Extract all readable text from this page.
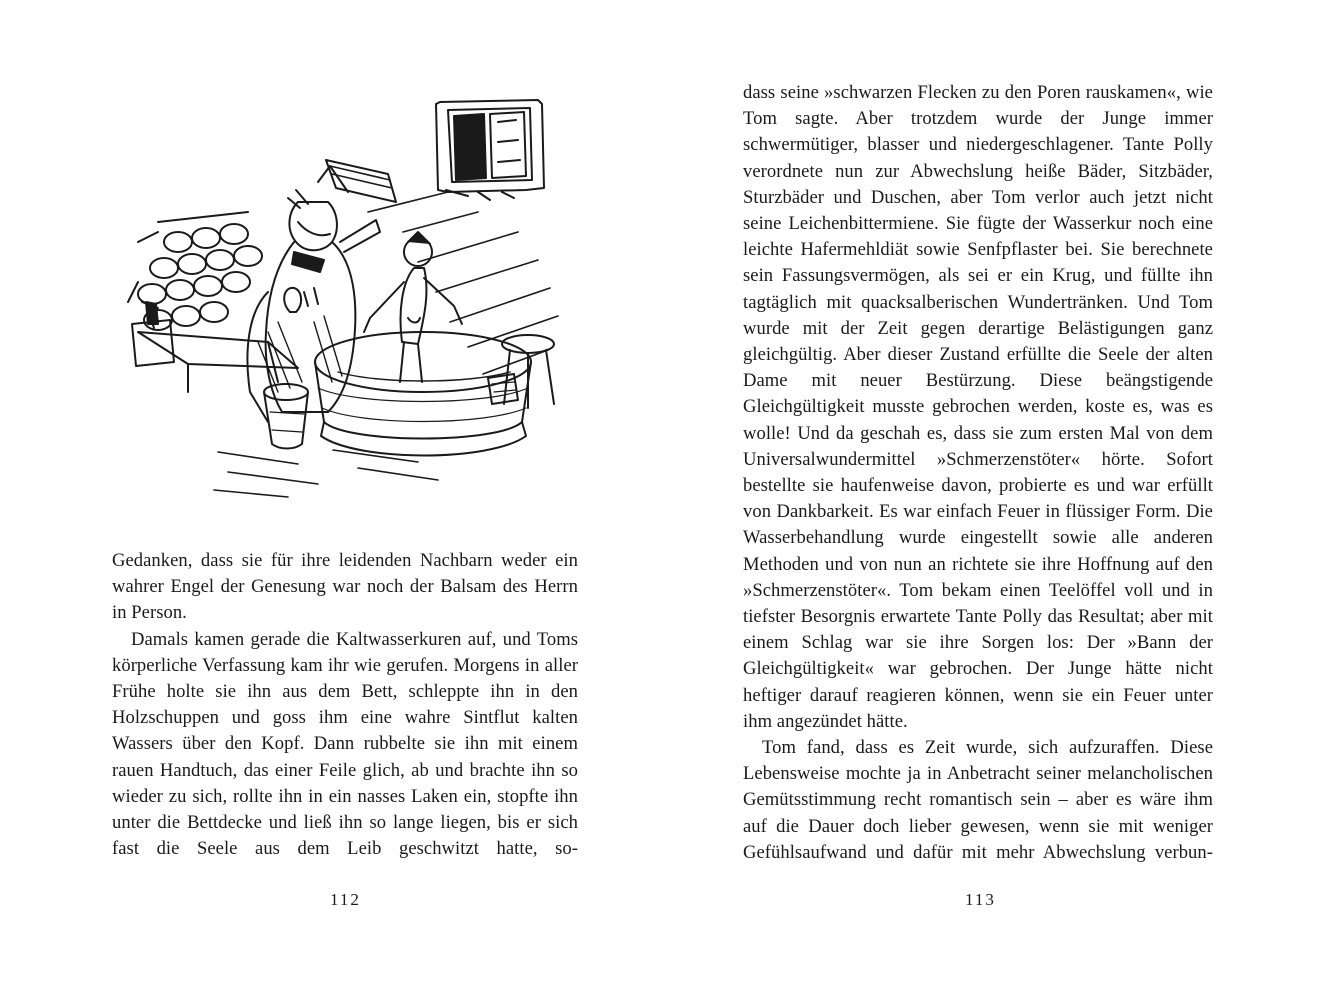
Gedanken, dass sie für ihre leidenden Nachbarn weder ein wahrer Engel der Genesung war noch der Balsam des Herrn in Person.

Damals kamen gerade die Kaltwasserkuren auf, und Toms körperliche Verfassung kam ihr wie gerufen. Morgens in aller Frühe holte sie ihn aus dem Bett, schleppte ihn in den Holzschuppen und goss ihm eine wahre Sintflut kalten Wassers über den Kopf. Dann rubbelte sie ihn mit einem rauen Handtuch, das einer Feile glich, ab und brachte ihn so wieder zu sich, rollte ihn in ein nasses Laken ein, stopfte ihn unter die Bettdecke und ließ ihn so lange liegen, bis er sich fast die Seele aus dem Leib geschwitzt hatte, so-

112

dass seine »schwarzen Flecken zu den Poren rauskamen«, wie Tom sagte. Aber trotzdem wurde der Junge immer schwermütiger, blasser und niedergeschlagener. Tante Polly verordnete nun zur Abwechslung heiße Bäder, Sitzbäder, Sturzbäder und Duschen, aber Tom verlor auch jetzt nicht seine Leichenbittermiene. Sie fügte der Wasserkur noch eine leichte Hafermehldiät sowie Senfpflaster bei. Sie berechnete sein Fassungsvermögen, als sei er ein Krug, und füllte ihn tagtäglich mit quacksalberischen Wundertränken. Und Tom wurde mit der Zeit gegen derartige Belästigungen ganz gleichgültig. Aber dieser Zustand erfüllte die Seele der alten Dame mit neuer Bestürzung. Diese beängstigende Gleichgültigkeit musste gebrochen werden, koste es, was es wolle! Und da geschah es, dass sie zum ersten Mal von dem Universalwundermittel »Schmerzenstöter« hörte. Sofort bestellte sie haufenweise davon, probierte es und war erfüllt von Dankbarkeit. Es war einfach Feuer in flüssiger Form. Die Wasserbehandlung wurde eingestellt sowie alle anderen Methoden und von nun an richtete sie ihre Hoffnung auf den »Schmerzenstöter«. Tom bekam einen Teelöffel voll und in tiefster Besorgnis erwartete Tante Polly das Resultat; aber mit einem Schlag war sie ihre Sorgen los: Der »Bann der Gleichgültigkeit« war gebrochen. Der Junge hätte nicht heftiger darauf reagieren können, wenn sie ein Feuer unter ihm angezündet hätte.

Tom fand, dass es Zeit wurde, sich aufzuraffen. Diese Lebensweise mochte ja in Anbetracht seiner melancholischen Gemütsstimmung recht romantisch sein – aber es wäre ihm auf die Dauer doch lieber gewesen, wenn sie mit weniger Gefühlsaufwand und dafür mit mehr Abwechslung verbun-

113
